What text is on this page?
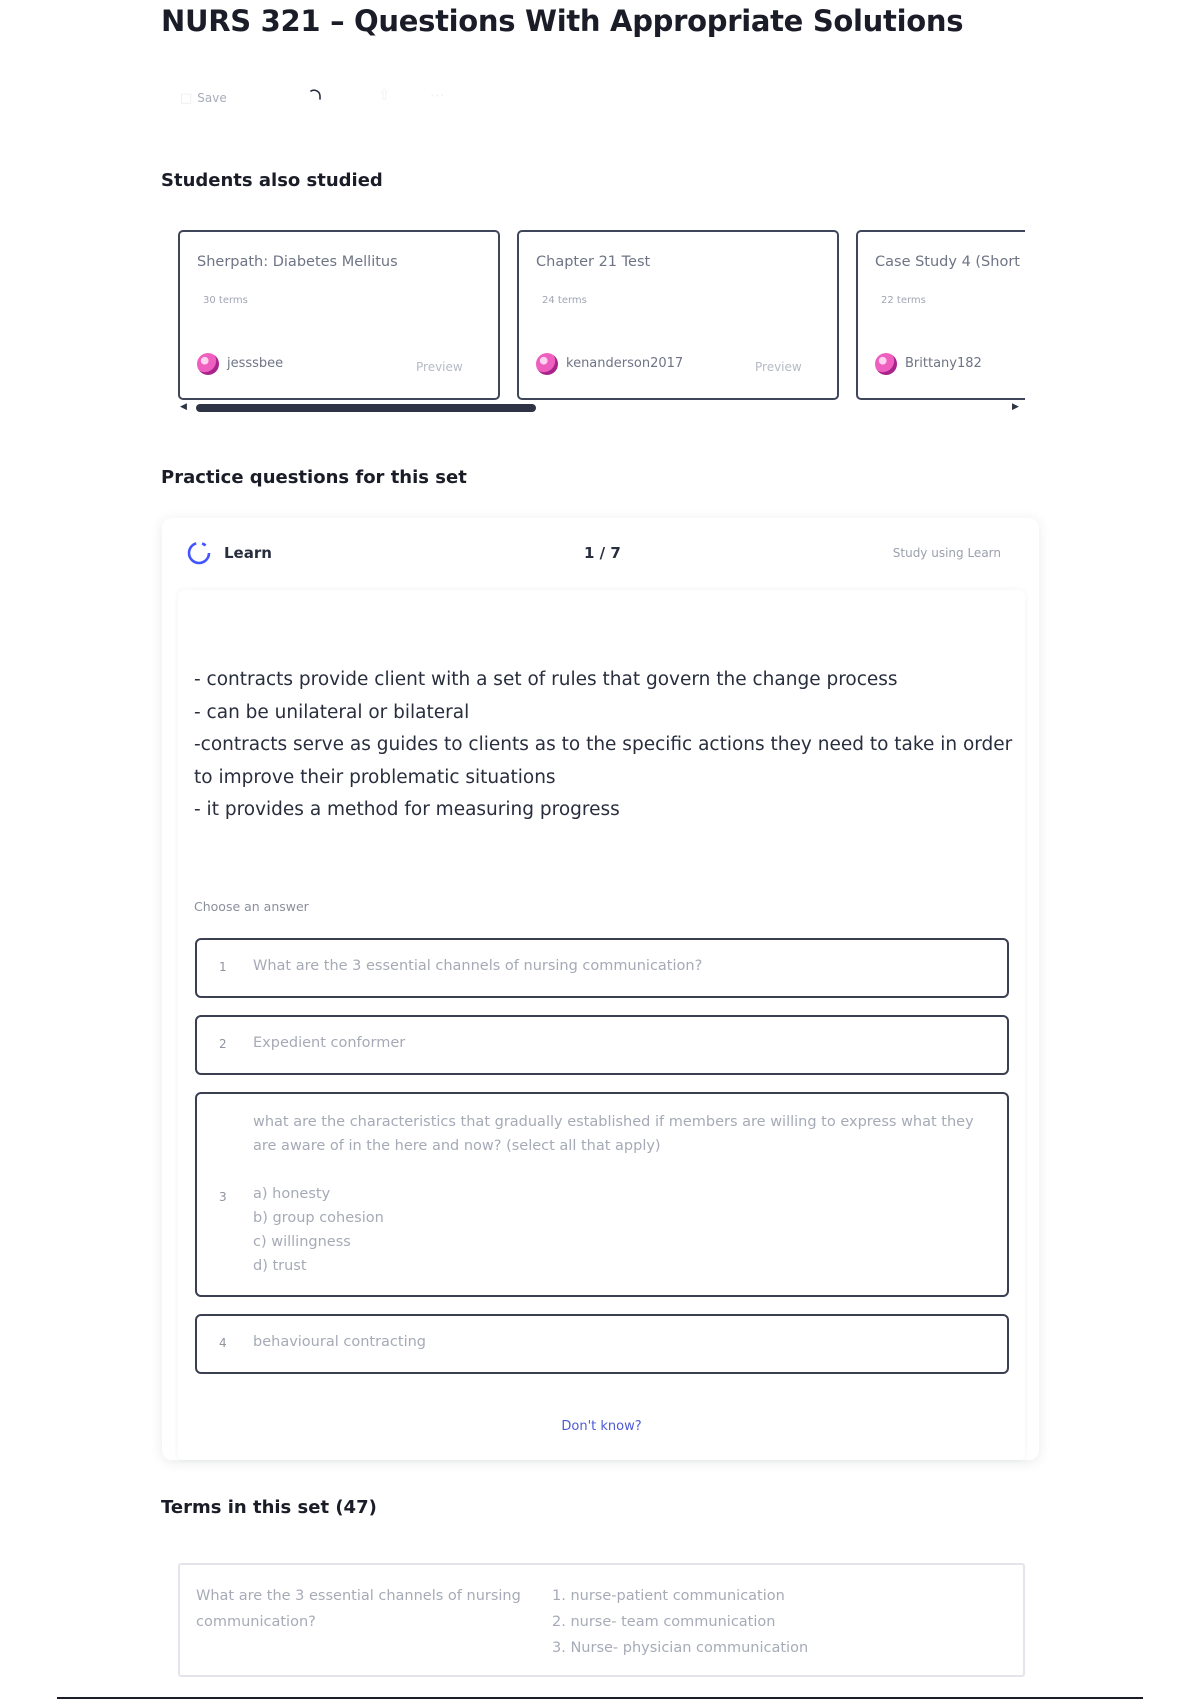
NURS 321 – Questions With Appropriate Solutions
□ Save	⇧	⋯
Students also studied
Sherpath: Diabetes Mellitus
30 terms
jesssbee	Preview
Chapter 21 Test
24 terms
kenanderson2017	Preview
Case Study 4 (Short
22 terms
Brittany182
◀	▶
Practice questions for this set
Learn	1 / 7	Study using Learn
- contracts provide client with a set of rules that govern the change process
- can be unilateral or bilateral
-contracts serve as guides to clients as to the specific actions they need to take in order
to improve their problematic situations
- it provides a method for measuring progress
Choose an answer
1 What are the 3 essential channels of nursing communication?
2 Expedient conformer
3
what are the characteristics that gradually established if members are willing to express what they
are aware of in the here and now? (select all that apply)
a) honesty
b) group cohesion
c) willingness
d) trust
4 behavioural contracting
Don't know?
Terms in this set (47)
What are the 3 essential channels of nursing
communication?
1. nurse-patient communication
2. nurse- team communication
3. Nurse- physician communication
